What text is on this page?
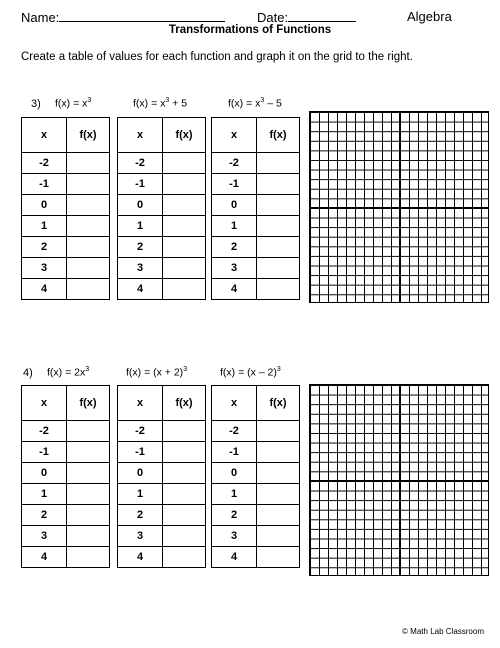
Name:	Date:	Algebra
Transformations of Functions
Create a table of values for each function and graph it on the grid to the right.
3) $f(x) = x^3$	$f(x) = x^3 + 5$	$f(x) = x^3 - 5$
x	f(x)
-2	
-1	
0	
1	
2	
3	
4	
x	f(x)
-2	
-1	
0	
1	
2	
3	
4	
x	f(x)
-2	
-1	
0	
1	
2	
3	
4	
4) $f(x) = 2x^3$	$f(x) = (x + 2)^3$	f(x) = (x – 2)$^3$
x	f(x)
-2	
-1	
0	
1	
2	
3	
4	
x	f(x)
-2	
-1	
0	
1	
2	
3	
4	
x	f(x)
-2	
-1	
0	
1	
2	
3	
4	
© Math Lab Classroom
